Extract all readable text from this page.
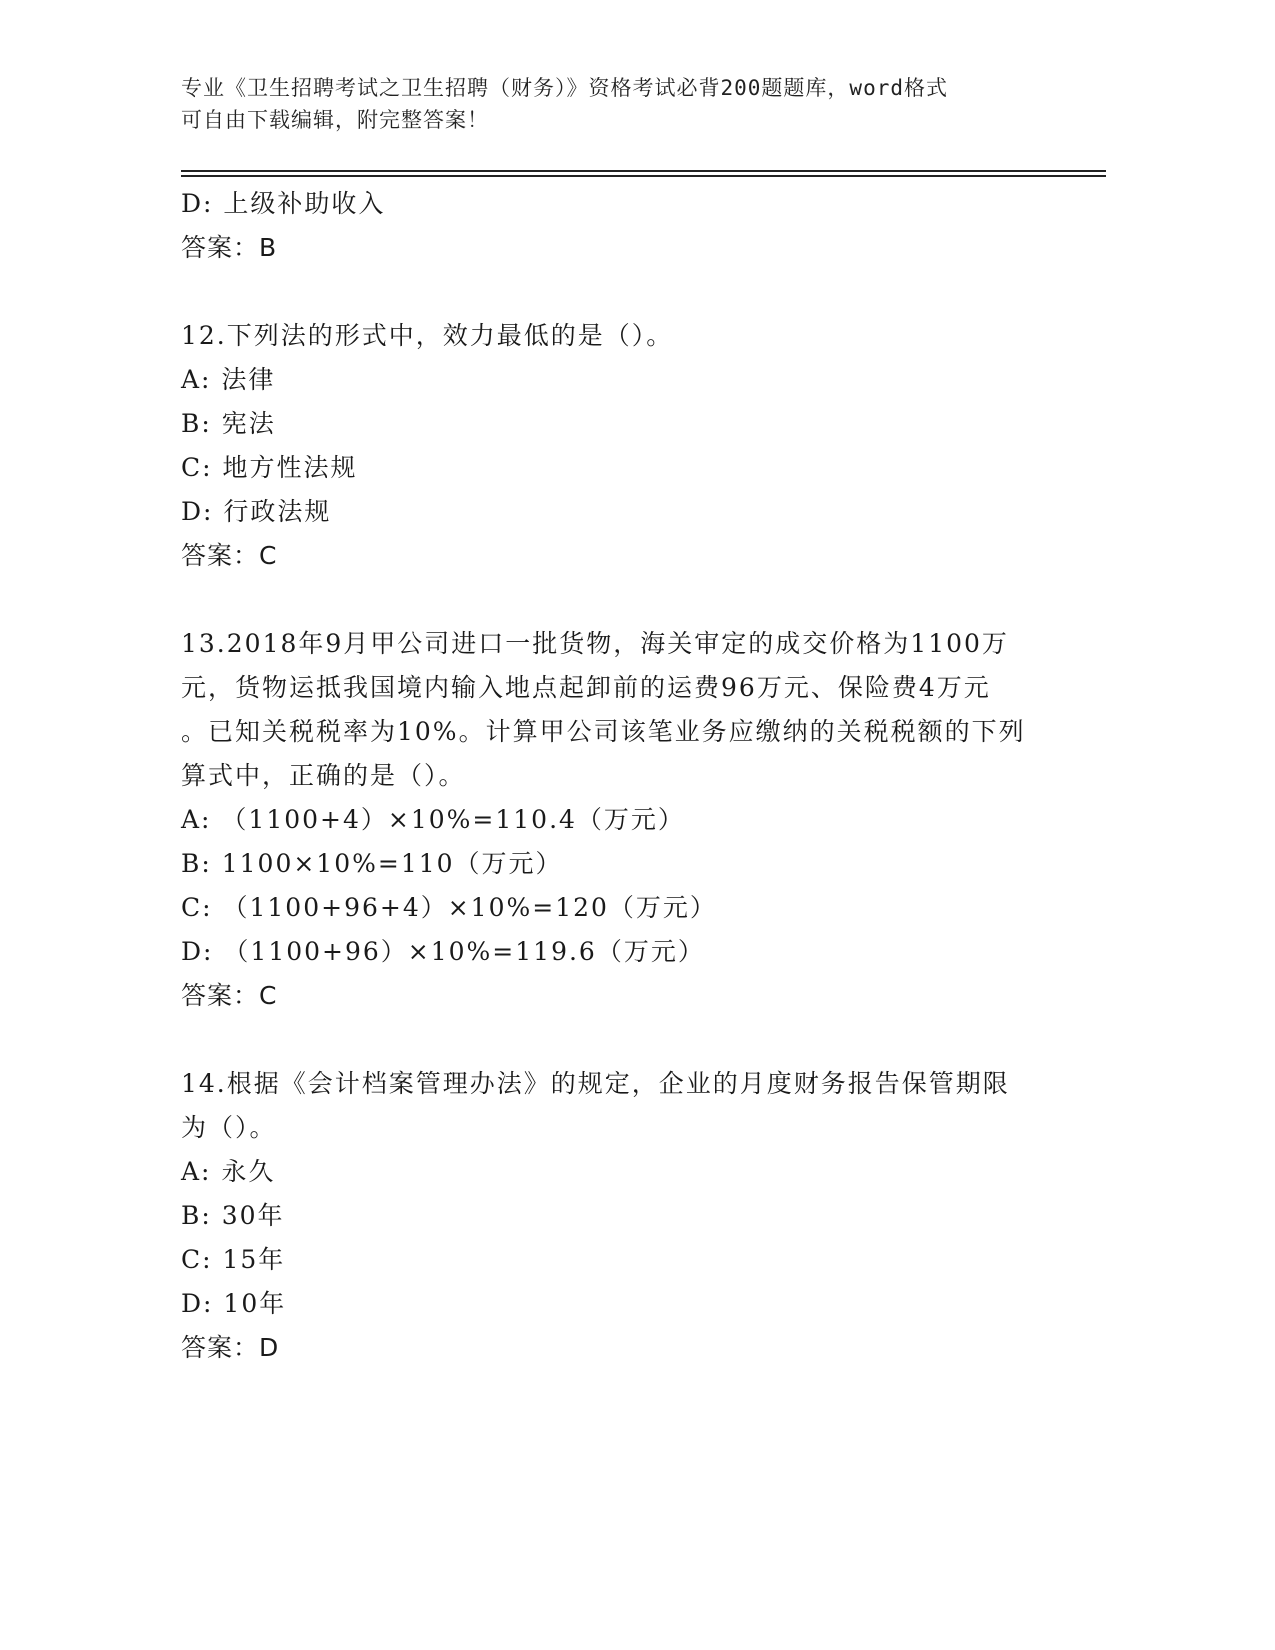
专业《卫生招聘考试之卫生招聘（财务）》资格考试必背200题题库，word格式
可自由下载编辑，附完整答案！
D: 上级补助收入
答案：B
12.下列法的形式中，效力最低的是（）。
A: 法律
B: 宪法
C: 地方性法规
D: 行政法规
答案：C
13.2018年9月甲公司进口一批货物，海关审定的成交价格为1100万
元，货物运抵我国境内输入地点起卸前的运费96万元、保险费4万元
。已知关税税率为10%。计算甲公司该笔业务应缴纳的关税税额的下列
算式中，正确的是（）。
A: （1100+4）×10%=110.4（万元）
B: 1100×10%=110（万元）
C: （1100+96+4）×10%=120（万元）
D: （1100+96）×10%=119.6（万元）
答案：C
14.根据《会计档案管理办法》的规定，企业的月度财务报告保管期限
为（）。
A: 永久
B: 30年
C: 15年
D: 10年
答案：D
